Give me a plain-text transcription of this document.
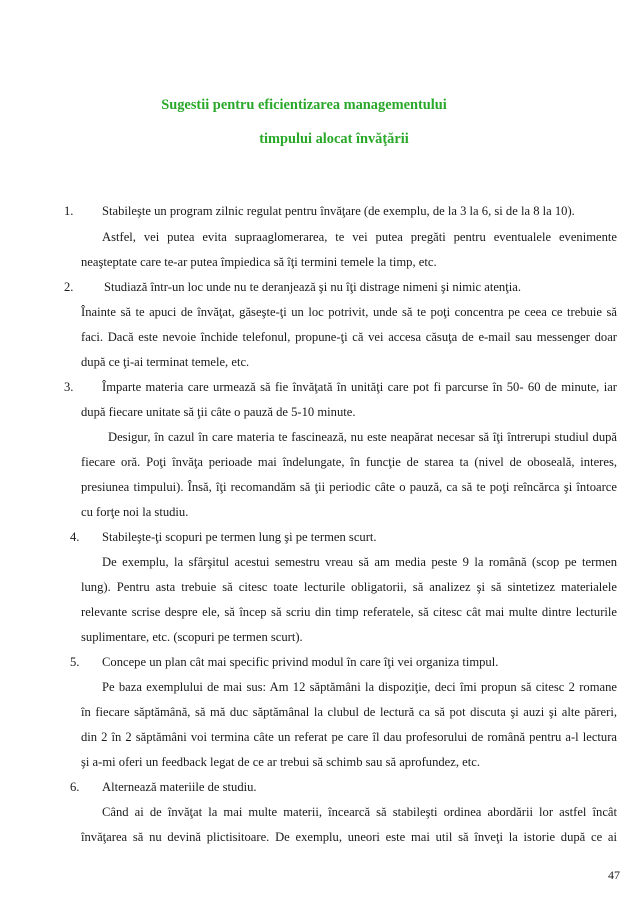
Sugestii pentru eficientizarea managementului
timpului alocat învăţării
1. Stabileşte un program zilnic regulat pentru învăţare (de exemplu, de la 3 la 6, si de la 8 la 10).
Astfel, vei putea evita supraaglomerarea, te vei putea pregăti pentru eventualele evenimente
neaşteptate care te-ar putea împiedica să îţi termini temele la timp, etc.
2. Studiază într-un loc unde nu te deranjează şi nu îţi distrage nimeni şi nimic atenţia.
Înainte să te apuci de învăţat, găseşte-ţi un loc potrivit, unde să te poţi concentra pe ceea ce trebuie să
faci. Dacă este nevoie închide telefonul, propune-ţi că vei accesa căsuţa de e-mail sau messenger doar
după ce ţi-ai terminat temele, etc.
3. Împarte materia care urmează să fie învăţată în unităţi care pot fi parcurse în 50- 60 de minute, iar
după fiecare unitate să ţii câte o pauză de 5-10 minute.
Desigur, în cazul în care materia te fascinează, nu este neapărat necesar să îţi întrerupi studiul după
fiecare oră. Poţi învăţa perioade mai îndelungate, în funcţie de starea ta (nivel de oboseală, interes,
presiunea timpului). Însă, îţi recomandăm să ţii periodic câte o pauză, ca să te poţi reîncărca şi întoarce
cu forţe noi la studiu.
4. Stabileşte-ţi scopuri pe termen lung şi pe termen scurt.
De exemplu, la sfârşitul acestui semestru vreau să am media peste 9 la română (scop pe termen
lung). Pentru asta trebuie să citesc toate lecturile obligatorii, să analizez şi să sintetizez materialele
relevante scrise despre ele, să încep să scriu din timp referatele, să citesc cât mai multe dintre lecturile
suplimentare, etc. (scopuri pe termen scurt).
5. Concepe un plan cât mai specific privind modul în care îţi vei organiza timpul.
Pe baza exemplului de mai sus: Am 12 săptămâni la dispoziţie, deci îmi propun să citesc 2 romane
în fiecare săptămână, să mă duc săptămânal la clubul de lectură ca să pot discuta şi auzi şi alte păreri,
din 2 în 2 săptămâni voi termina câte un referat pe care îl dau profesorului de română pentru a-l lectura
şi a-mi oferi un feedback legat de ce ar trebui să schimb sau să aprofundez, etc.
6. Alternează materiile de studiu.
Când ai de învăţat la mai multe materii, încearcă să stabileşti ordinea abordării lor astfel încât
învăţarea să nu devină plictisitoare. De exemplu, uneori este mai util să înveţi la istorie după ce ai
47
